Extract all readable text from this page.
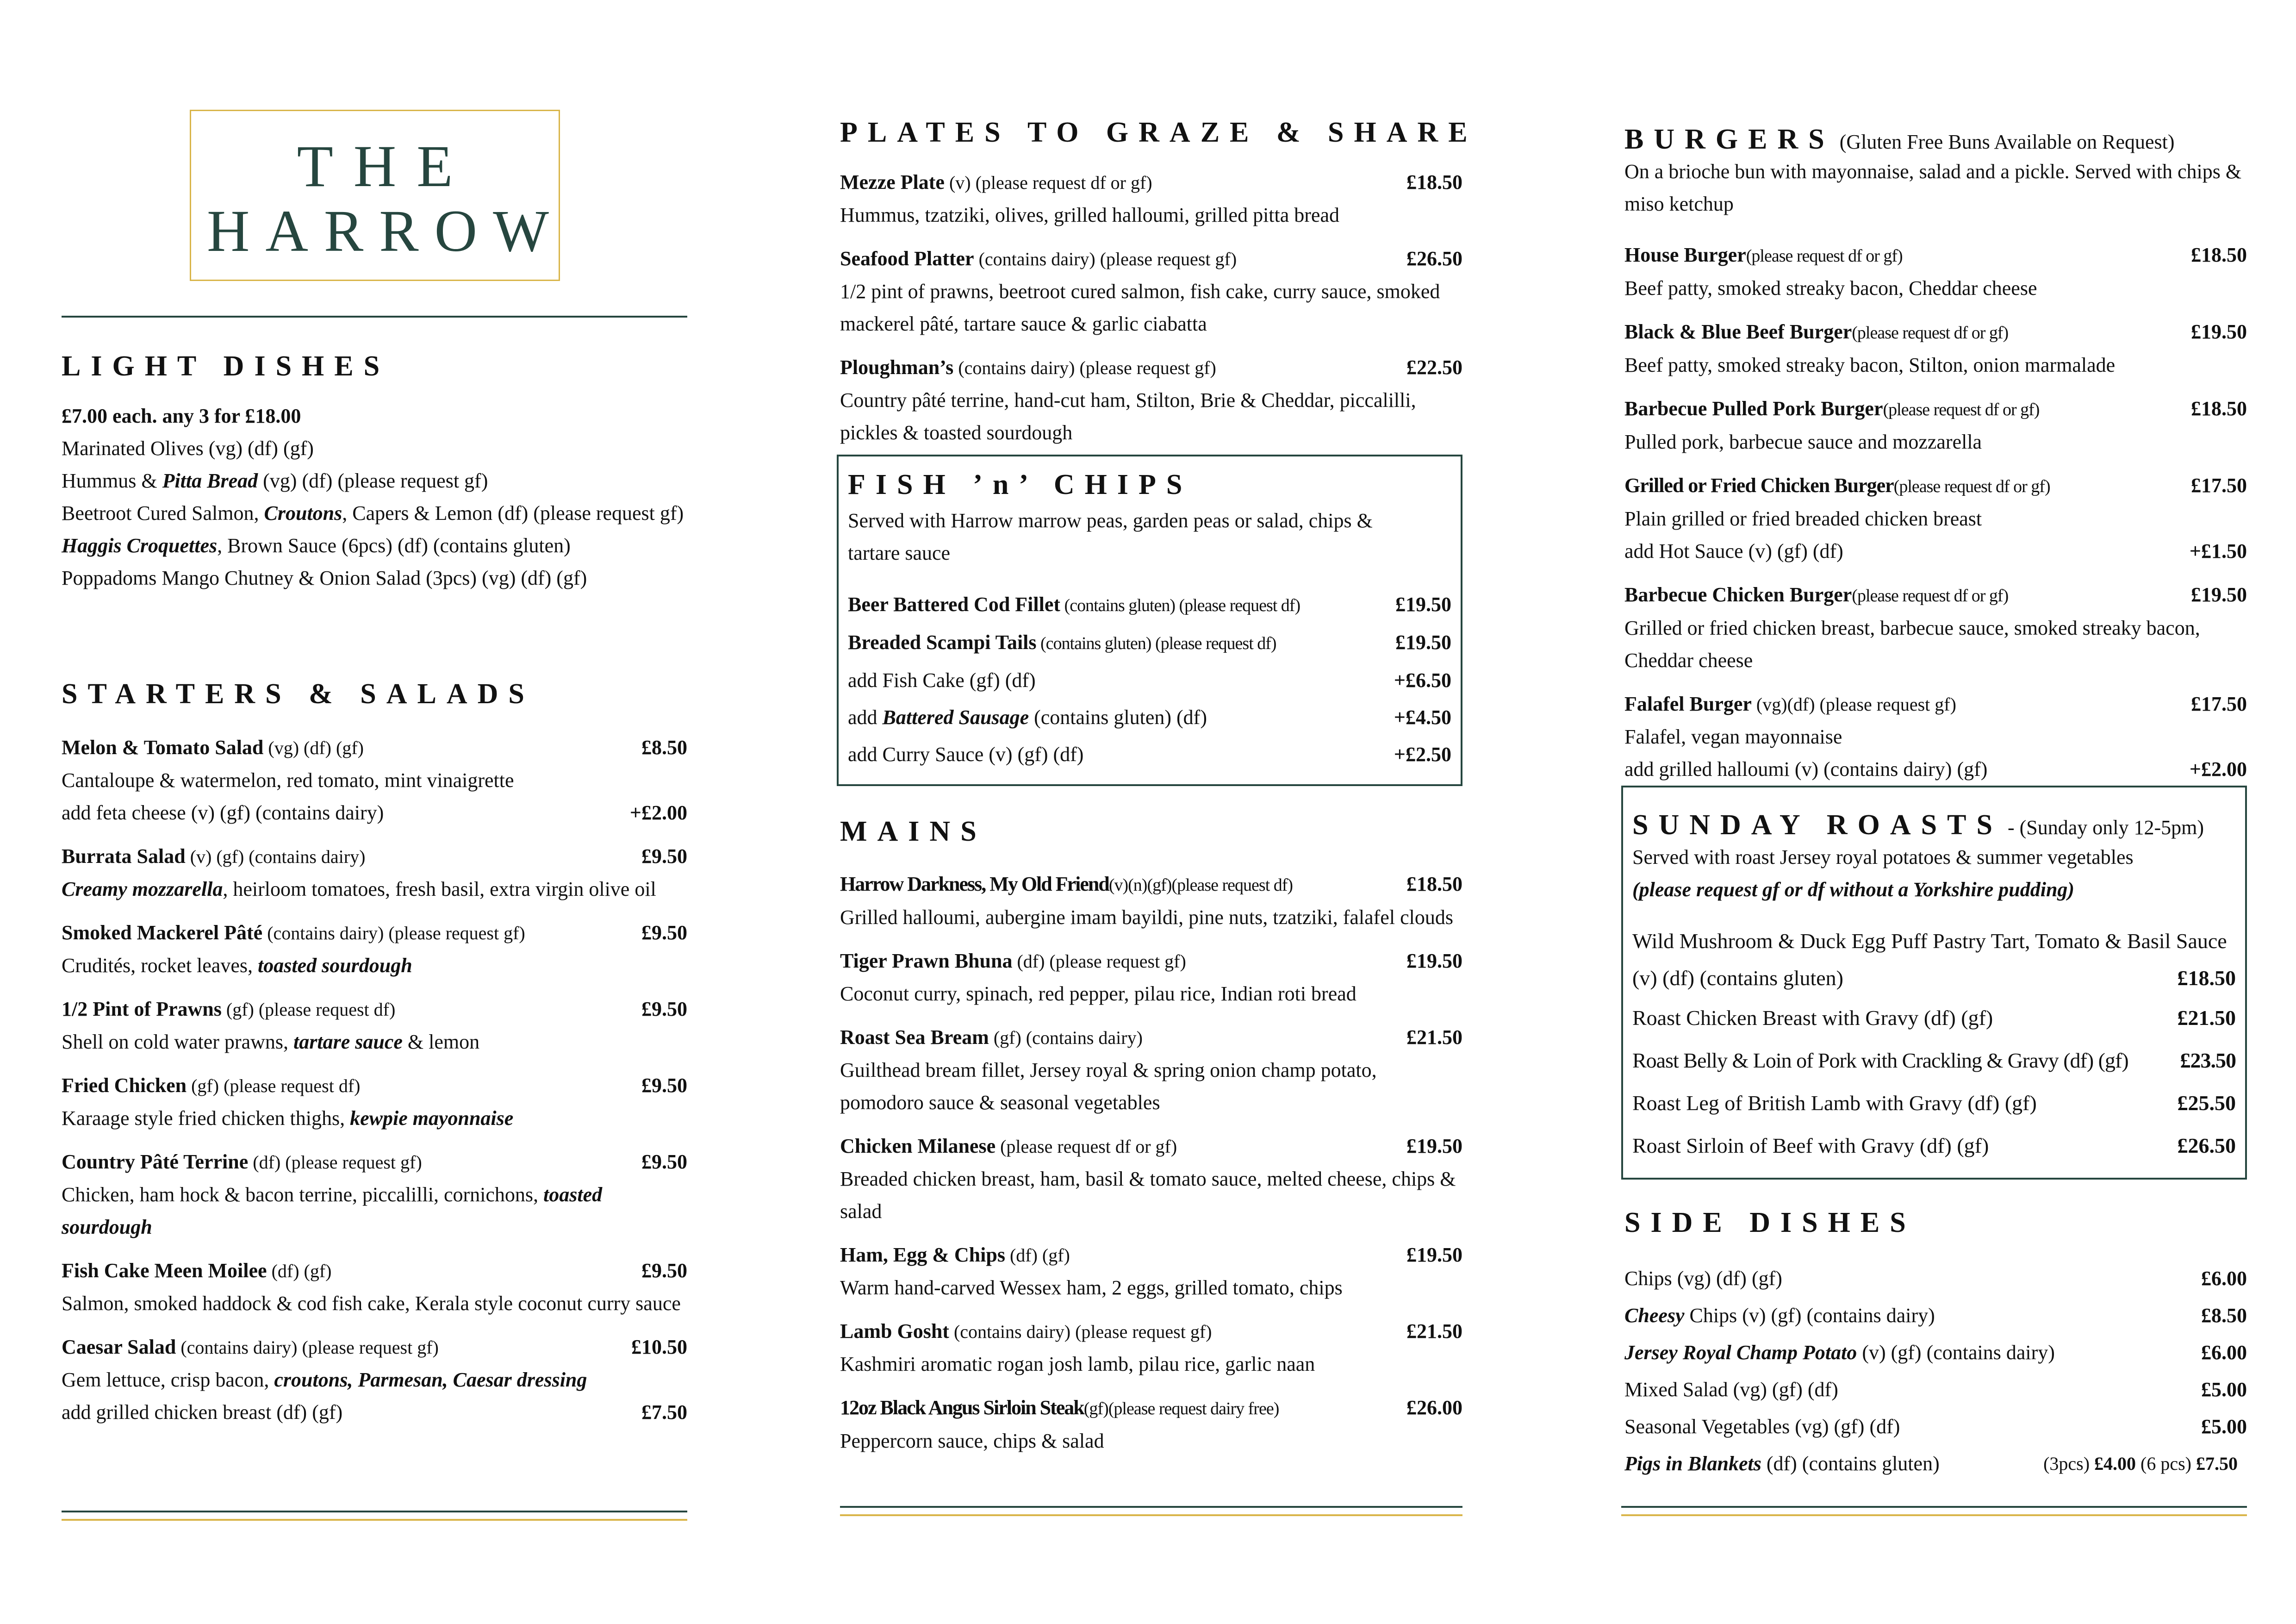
THE
HARROW
LIGHT DISHES
£7.00 each. any 3 for £18.00
Marinated Olives (vg) (df) (gf)
Hummus & Pitta Bread (vg) (df) (please request gf)
Beetroot Cured Salmon, Croutons, Capers & Lemon (df) (please request gf)
Haggis Croquettes, Brown Sauce (6pcs) (df) (contains gluten)
Poppadoms Mango Chutney & Onion Salad (3pcs) (vg) (df) (gf)
STARTERS & SALADS
Melon & Tomato Salad (vg) (df) (gf)	£8.50
Cantaloupe & watermelon, red tomato, mint vinaigrette
add feta cheese (v) (gf) (contains dairy)	+£2.00
Burrata Salad (v) (gf) (contains dairy)	£9.50
Creamy mozzarella, heirloom tomatoes, fresh basil, extra virgin olive oil
Smoked Mackerel Pâté (contains dairy) (please request gf)	£9.50
Crudités, rocket leaves, toasted sourdough
1/2 Pint of Prawns (gf) (please request df)	£9.50
Shell on cold water prawns, tartare sauce & lemon
Fried Chicken (gf) (please request df)	£9.50
Karaage style fried chicken thighs, kewpie mayonnaise
Country Pâté Terrine (df) (please request gf)	£9.50
Chicken, ham hock & bacon terrine, piccalilli, cornichons, toasted sourdough
Fish Cake Meen Moilee (df) (gf)	£9.50
Salmon, smoked haddock & cod fish cake, Kerala style coconut curry sauce
Caesar Salad (contains dairy) (please request gf)	£10.50
Gem lettuce, crisp bacon, croutons, Parmesan, Caesar dressing
add grilled chicken breast (df) (gf)	£7.50
PLATES TO GRAZE & SHARE
Mezze Plate (v) (please request df or gf)	£18.50
Hummus, tzatziki, olives, grilled halloumi, grilled pitta bread
Seafood Platter (contains dairy) (please request gf)	£26.50
1/2 pint of prawns, beetroot cured salmon, fish cake, curry sauce, smoked mackerel pâté, tartare sauce & garlic ciabatta
Ploughman’s (contains dairy) (please request gf)	£22.50
Country pâté terrine, hand-cut ham, Stilton, Brie & Cheddar, piccalilli, pickles & toasted sourdough
FISH ’n’ CHIPS
Served with Harrow marrow peas, garden peas or salad, chips & tartare sauce
Beer Battered Cod Fillet (contains gluten) (please request df)	£19.50
Breaded Scampi Tails (contains gluten) (please request df)	£19.50
add Fish Cake (gf) (df)	+£6.50
add Battered Sausage (contains gluten) (df)	+£4.50
add Curry Sauce (v) (gf) (df)	+£2.50
MAINS
Harrow Darkness, My Old Friend(v)(n)(gf)(please request df)	£18.50
Grilled halloumi, aubergine imam bayildi, pine nuts, tzatziki, falafel clouds
Tiger Prawn Bhuna (df) (please request gf)	£19.50
Coconut curry, spinach, red pepper, pilau rice, Indian roti bread
Roast Sea Bream (gf) (contains dairy)	£21.50
Guilthead bream fillet, Jersey royal & spring onion champ potato, pomodoro sauce & seasonal vegetables
Chicken Milanese (please request df or gf)	£19.50
Breaded chicken breast, ham, basil & tomato sauce, melted cheese, chips & salad
Ham, Egg & Chips (df) (gf)	£19.50
Warm hand-carved Wessex ham, 2 eggs, grilled tomato, chips
Lamb Gosht (contains dairy) (please request gf)	£21.50
Kashmiri aromatic rogan josh lamb, pilau rice, garlic naan
12oz Black Angus Sirloin Steak(gf)(please request dairy free)	£26.00
Peppercorn sauce, chips & salad
BURGERS (Gluten Free Buns Available on Request)
On a brioche bun with mayonnaise, salad and a pickle. Served with chips & miso ketchup
House Burger(please request df or gf)	£18.50
Beef patty, smoked streaky bacon, Cheddar cheese
Black & Blue Beef Burger(please request df or gf)	£19.50
Beef patty, smoked streaky bacon, Stilton, onion marmalade
Barbecue Pulled Pork Burger(please request df or gf)	£18.50
Pulled pork, barbecue sauce and mozzarella
Grilled or Fried Chicken Burger(please request df or gf)	£17.50
Plain grilled or fried breaded chicken breast
add Hot Sauce (v) (gf) (df)	+£1.50
Barbecue Chicken Burger(please request df or gf)	£19.50
Grilled or fried chicken breast, barbecue sauce, smoked streaky bacon, Cheddar cheese
Falafel Burger (vg)(df) (please request gf)	£17.50
Falafel, vegan mayonnaise
add grilled halloumi (v) (contains dairy) (gf)	+£2.00
SUNDAY ROASTS - (Sunday only 12-5pm)
Served with roast Jersey royal potatoes & summer vegetables
(please request gf or df without a Yorkshire pudding)
Wild Mushroom & Duck Egg Puff Pastry Tart, Tomato & Basil Sauce (v) (df) (contains gluten)	£18.50
Roast Chicken Breast with Gravy (df) (gf)	£21.50
Roast Belly & Loin of Pork with Crackling & Gravy (df) (gf)	£23.50
Roast Leg of British Lamb with Gravy (df) (gf)	£25.50
Roast Sirloin of Beef with Gravy (df) (gf)	£26.50
SIDE DISHES
Chips (vg) (df) (gf)	£6.00
Cheesy Chips (v) (gf) (contains dairy)	£8.50
Jersey Royal Champ Potato (v) (gf) (contains dairy)	£6.00
Mixed Salad (vg) (gf) (df)	£5.00
Seasonal Vegetables (vg) (gf) (df)	£5.00
Pigs in Blankets (df) (contains gluten)	(3pcs) £4.00 (6 pcs) £7.50
